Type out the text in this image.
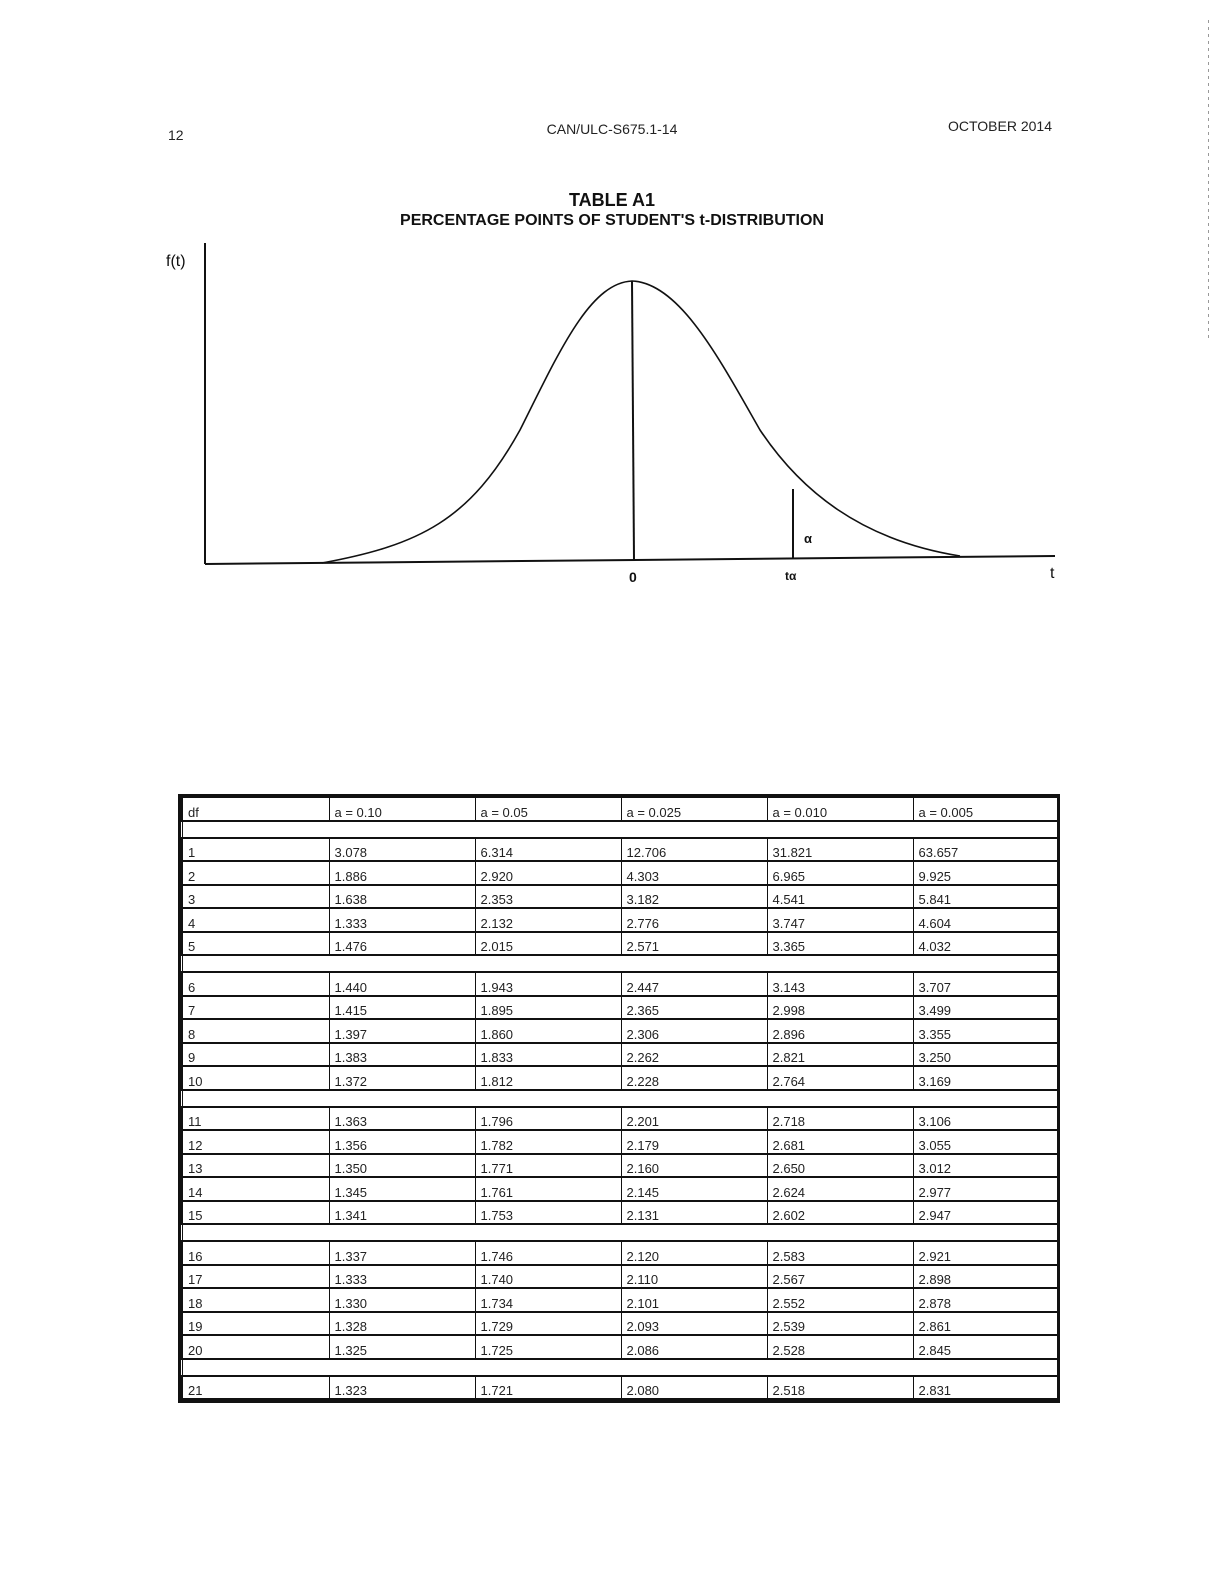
12	CAN/ULC-S675.1-14	OCTOBER 2014
TABLE A1
PERCENTAGE POINTS OF STUDENT'S t-DISTRIBUTION
f(t)
t
0	tα
α
df	a = 0.10	a = 0.05	a = 0.025	a = 0.010	a = 0.005

1	3.078	6.314	12.706	31.821	63.657
2	1.886	2.920	4.303	6.965	9.925
3	1.638	2.353	3.182	4.541	5.841
4	1.333	2.132	2.776	3.747	4.604
5	1.476	2.015	2.571	3.365	4.032

6	1.440	1.943	2.447	3.143	3.707
7	1.415	1.895	2.365	2.998	3.499
8	1.397	1.860	2.306	2.896	3.355
9	1.383	1.833	2.262	2.821	3.250
10	1.372	1.812	2.228	2.764	3.169

11	1.363	1.796	2.201	2.718	3.106
12	1.356	1.782	2.179	2.681	3.055
13	1.350	1.771	2.160	2.650	3.012
14	1.345	1.761	2.145	2.624	2.977
15	1.341	1.753	2.131	2.602	2.947

16	1.337	1.746	2.120	2.583	2.921
17	1.333	1.740	2.110	2.567	2.898
18	1.330	1.734	2.101	2.552	2.878
19	1.328	1.729	2.093	2.539	2.861
20	1.325	1.725	2.086	2.528	2.845

21	1.323	1.721	2.080	2.518	2.831
